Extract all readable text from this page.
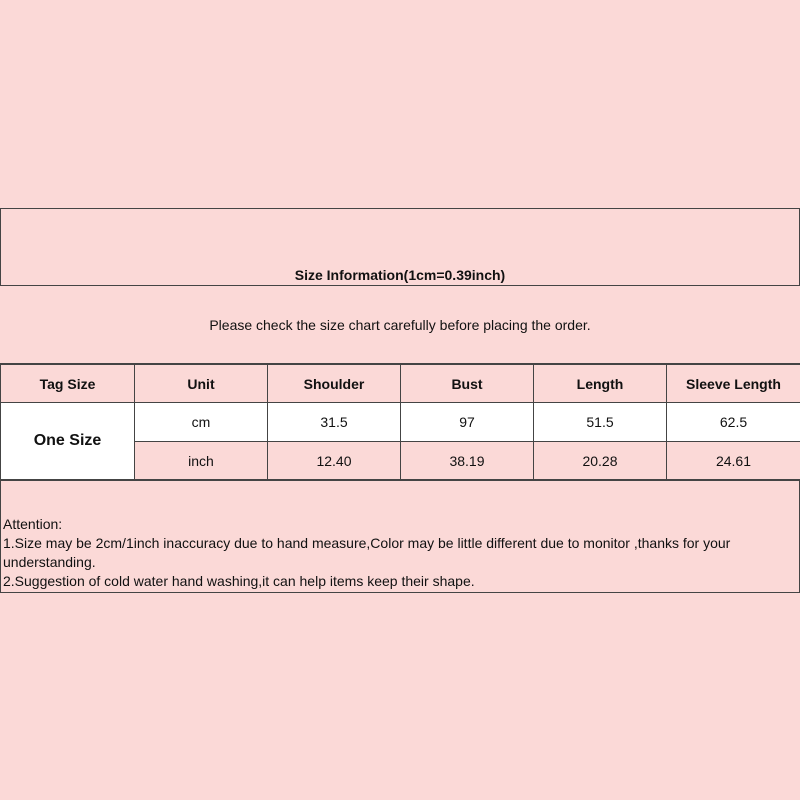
Size Information(1cm=0.39inch)
Please check the size chart carefully before placing the order.
Tag Size	Unit	Shoulder	Bust	Length	Sleeve Length
One Size	cm	31.5	97	51.5	62.5
	inch	12.40	38.19	20.28	24.61
Attention:
1.Size may be 2cm/1inch inaccuracy due to hand measure,Color may be little different due to monitor ,thanks for your understanding.
2.Suggestion of cold water hand washing,it can help items keep their shape.
